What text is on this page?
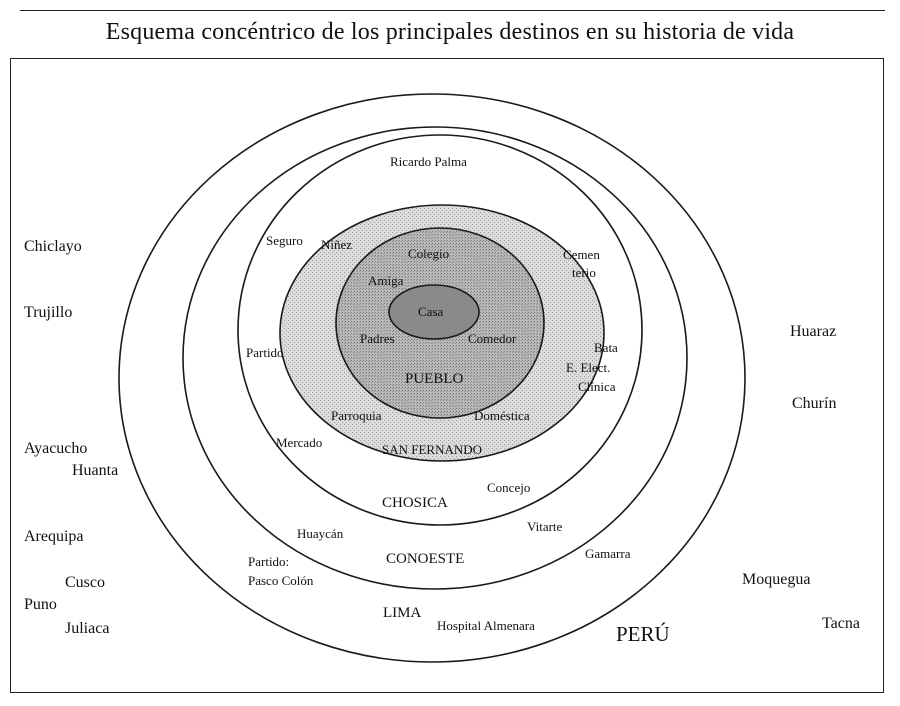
Esquema concéntrico de los principales destinos en su historia de vida
PERÚ
LIMA
CONOESTE
CHOSICA
SAN FERNANDO
PUEBLO
Casa
Colegio
Amiga
Padres	Comedor
Seguro Niñez
Partido
Mercado
Parroquia	Doméstica
Ricardo Palma
Cemen
terio
Bata
E. Elect.
Clínica
Concejo
Huaycán	Vitarte
Gamarra
Partido:
Pasco Colón
Hospital Almenara
Chiclayo
Trujillo
Ayacucho
Huanta
Arequipa
Cusco
Puno
Juliaca
Huaraz
Churín
Moquegua
Tacna
